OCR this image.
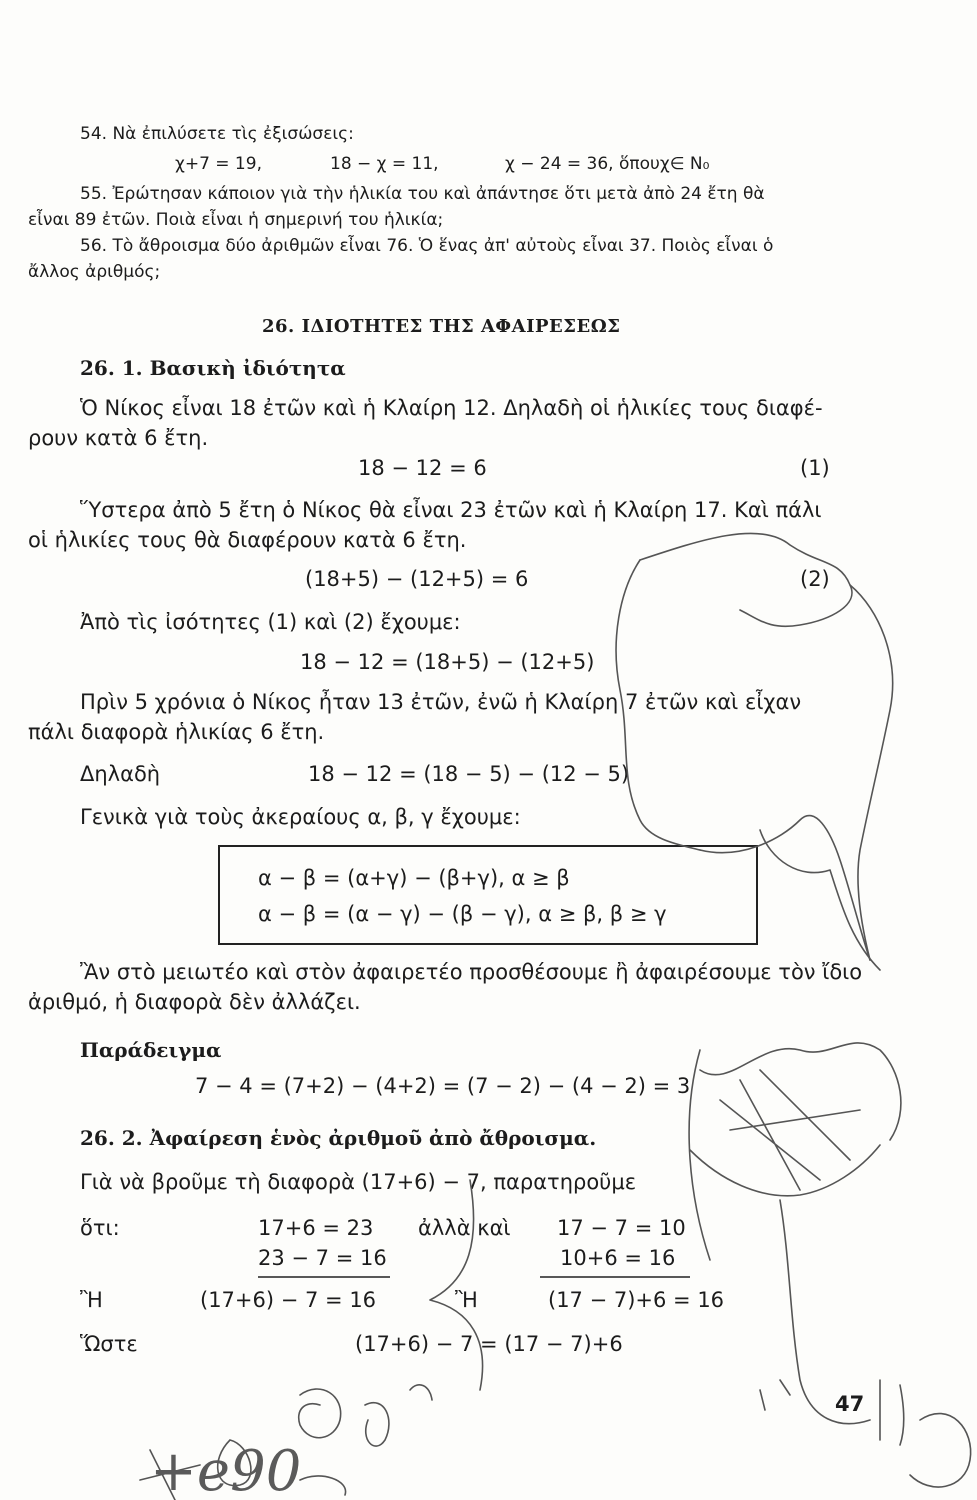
54. Νὰ ἐπιλύσετε τὶς ἐξισώσεις:
χ+7 = 19,	18 − χ = 11,	χ − 24 = 36, ὅπουχ∈ N₀
55. Ἐρώτησαν κάποιον γιὰ τὴν ἡλικία του καὶ ἀπάντησε ὅτι μετὰ ἀπὸ 24 ἔτη θὰ
εἶναι 89 ἐτῶν. Ποιὰ εἶναι ἡ σημερινή του ἡλικία;
56. Τὸ ἄθροισμα δύο ἀριθμῶν εἶναι 76. Ὁ ἕνας ἀπ' αὐτοὺς εἶναι 37. Ποιὸς εἶναι ὁ
ἄλλος ἀριθμός;
26. ΙΔΙΟΤΗΤΕΣ ΤΗΣ ΑΦΑΙΡΕΣΕΩΣ
26. 1. Βασικὴ ἰδιότητα
Ὁ Νίκος εἶναι 18 ἐτῶν καὶ ἡ Κλαίρη 12. Δηλαδὴ οἱ ἡλικίες τους διαφέ-
ρουν κατὰ 6 ἔτη.
18 − 12 = 6	(1)
Ὕστερα ἀπὸ 5 ἔτη ὁ Νίκος θὰ εἶναι 23 ἐτῶν καὶ ἡ Κλαίρη 17. Καὶ πάλι
οἱ ἡλικίες τους θὰ διαφέρουν κατὰ 6 ἔτη.
(18+5) − (12+5) = 6	(2)
Ἀπὸ τὶς ἰσότητες (1) καὶ (2) ἔχουμε:
18 − 12 = (18+5) − (12+5)
Πρὶν 5 χρόνια ὁ Νίκος ἦταν 13 ἐτῶν, ἐνῶ ἡ Κλαίρη 7 ἐτῶν καὶ εἶχαν
πάλι διαφορὰ ἡλικίας 6 ἔτη.
Δηλαδὴ	18 − 12 = (18 − 5) − (12 − 5)
Γενικὰ γιὰ τοὺς ἀκεραίους α, β, γ ἔχουμε:
α − β = (α+γ) − (β+γ), α ≥ β
α − β = (α − γ) − (β − γ), α ≥ β, β ≥ γ
Ἂν στὸ μειωτέο καὶ στὸν ἀφαιρετέο προσθέσουμε ἢ ἀφαιρέσουμε τὸν ἴδιο
ἀριθμό, ἡ διαφορὰ δὲν ἀλλάζει.
Παράδειγμα
7 − 4 = (7+2) − (4+2) = (7 − 2) − (4 − 2) = 3
26. 2. Ἀφαίρεση ἑνὸς ἀριθμοῦ ἀπὸ ἄθροισμα.
Γιὰ νὰ βροῦμε τὴ διαφορὰ (17+6) − 7, παρατηροῦμε
ὅτι:	17+6 = 23 ἀλλὰ καὶ 17 − 7 = 10
23 − 7 = 16	10+6 = 16
Ἢ	(17+6) − 7 = 16	Ἢ	(17 − 7)+6 = 16
Ὥστε	(17+6) − 7 = (17 − 7)+6
47
+e90
